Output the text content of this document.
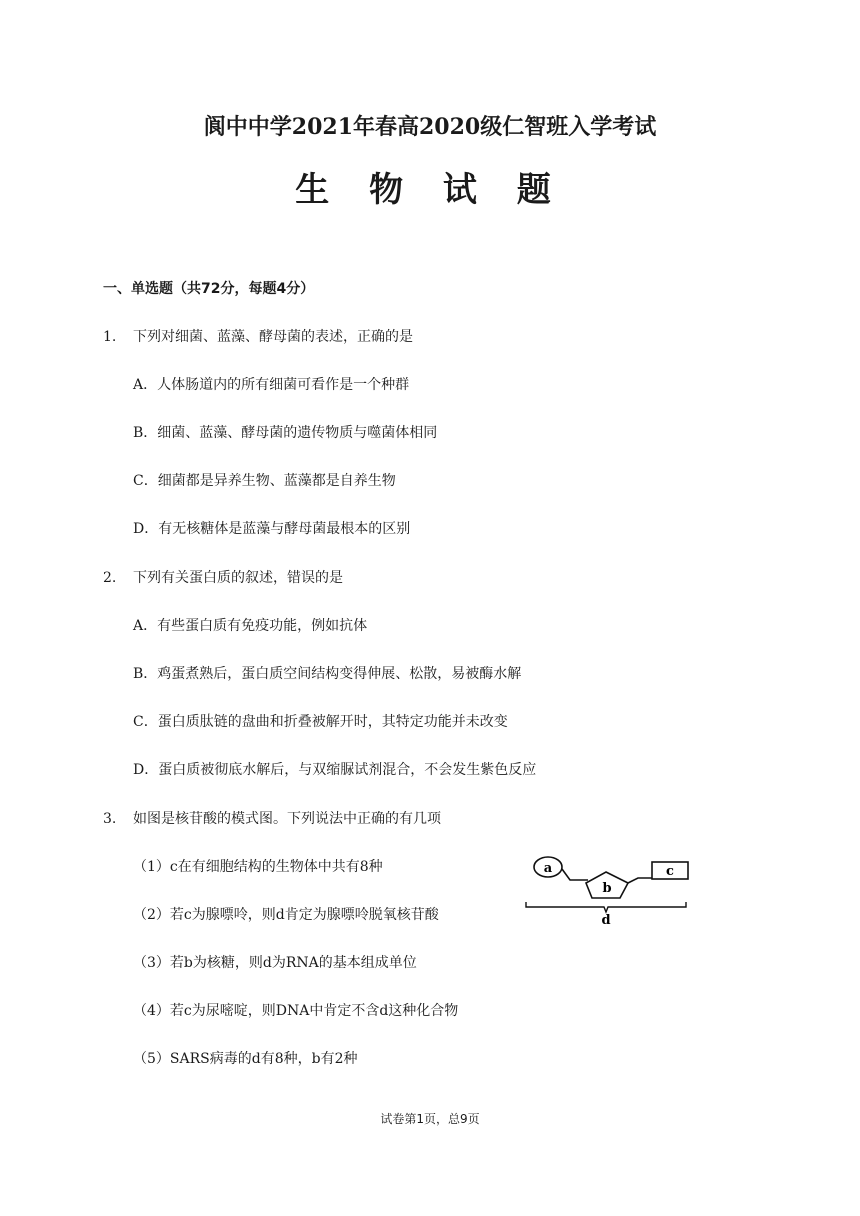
阆中中学2021年春高2020级仁智班入学考试
生 物 试 题
一、单选题（共72分，每题4分）
1. 下列对细菌、蓝藻、酵母菌的表述，正确的是
A．人体肠道内的所有细菌可看作是一个种群
B．细菌、蓝藻、酵母菌的遗传物质与噬菌体相同
C．细菌都是异养生物、蓝藻都是自养生物
D．有无核糖体是蓝藻与酵母菌最根本的区别
2. 下列有关蛋白质的叙述，错误的是
A．有些蛋白质有免疫功能，例如抗体
B．鸡蛋煮熟后，蛋白质空间结构变得伸展、松散，易被酶水解
C．蛋白质肽链的盘曲和折叠被解开时，其特定功能并未改变
D．蛋白质被彻底水解后，与双缩脲试剂混合，不会发生紫色反应
3. 如图是核苷酸的模式图。下列说法中正确的有几项
（1）c在有细胞结构的生物体中共有8种
（2）若c为腺嘌呤，则d肯定为腺嘌呤脱氧核苷酸
（3）若b为核糖，则d为RNA的基本组成单位
（4）若c为尿嘧啶，则DNA中肯定不含d这种化合物
（5）SARS病毒的d有8种，b有2种
a
b
c
d
试卷第1页，总9页
